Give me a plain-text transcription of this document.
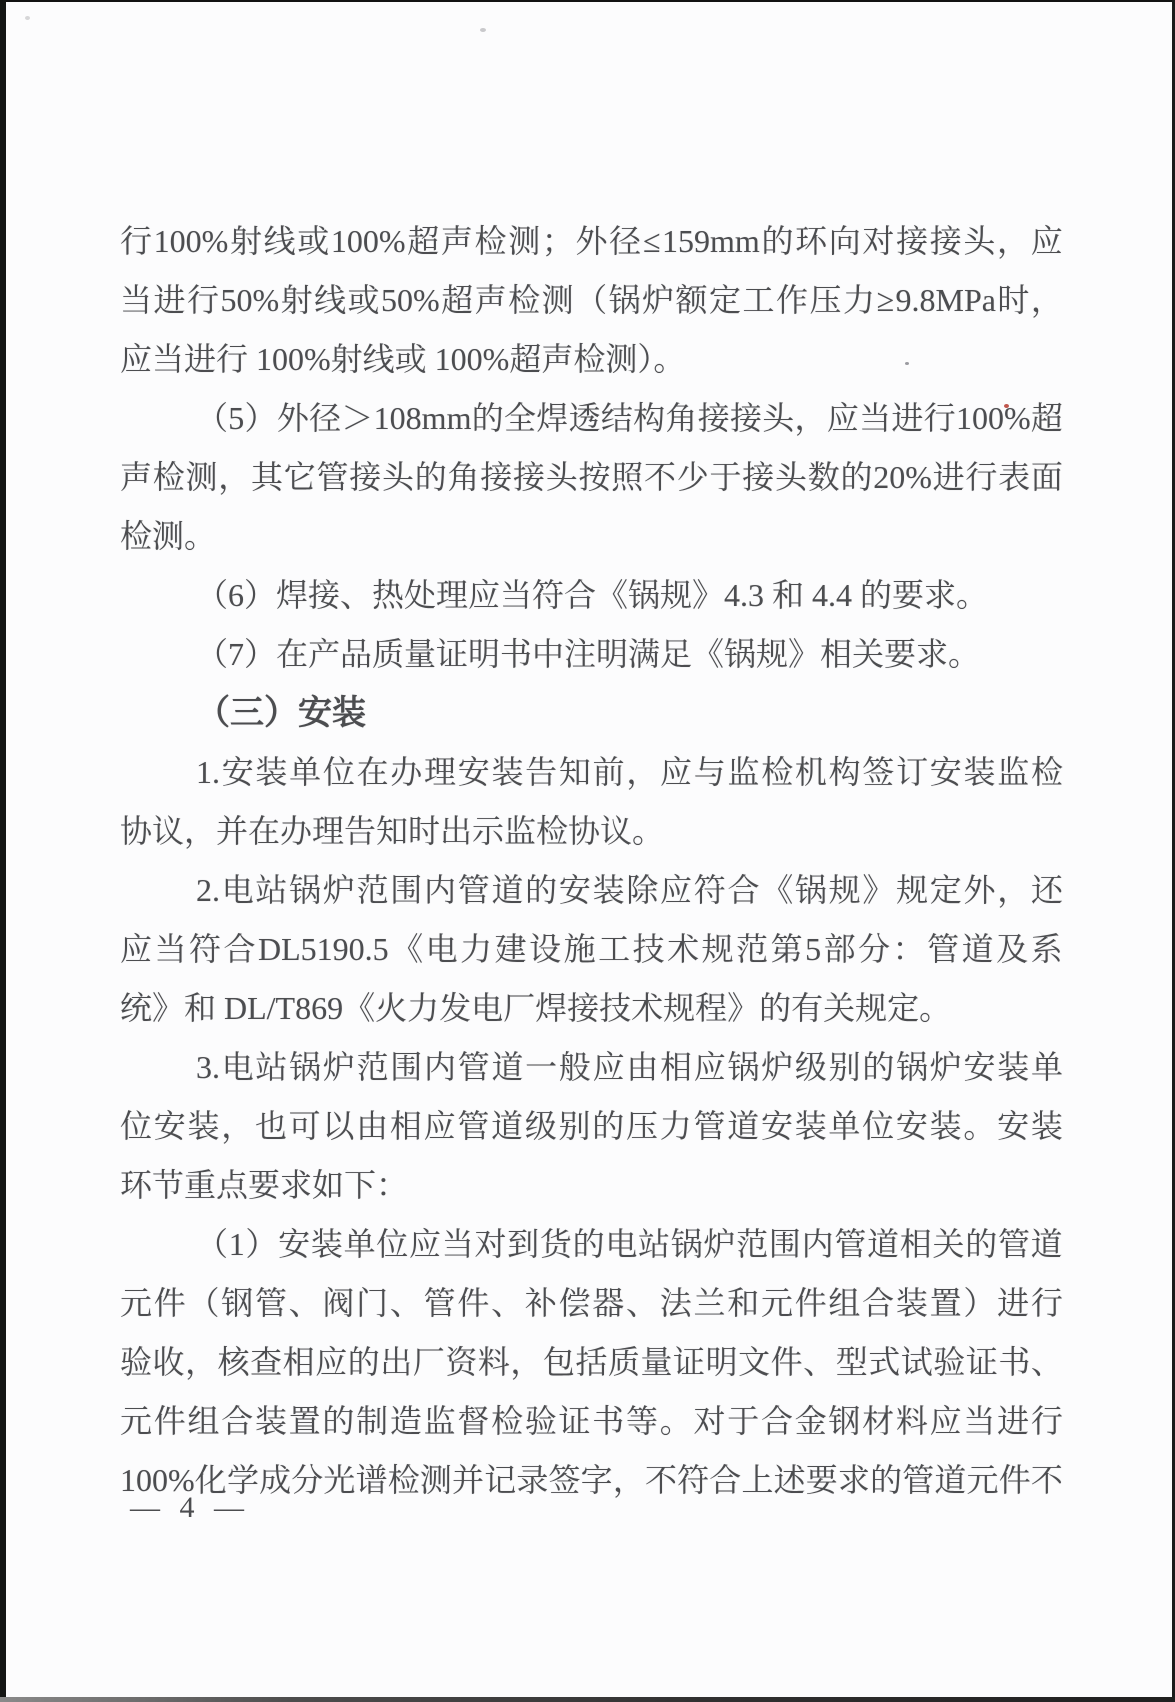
行 100% 射 线 或 100% 超 声 检 测 ； 外 径 ≤ 159mm 的 环 向 对 接 接 头 ， 应
当 进 行 50% 射 线 或 50% 超 声 检 测 （ 锅 炉 额 定 工 作 压 力 ≥ 9.8MPa 时 ，
应当进行 100%射线或 100%超声检测）。
（ 5 ） 外 径 ＞ 108mm 的 全 焊 透 结 构 角 接 接 头 ， 应 当 进 行 100% 超
声 检 测 ， 其 它 管 接 头 的 角 接 接 头 按 照 不 少 于 接 头 数 的 20% 进 行 表 面
检测。
（6）焊接、热处理应当符合《锅规》4.3 和 4.4 的要求。
（7）在产品质量证明书中注明满足《锅规》相关要求。
（三）安装
1. 安 装 单 位 在 办 理 安 装 告 知 前 ， 应 与 监 检 机 构 签 订 安 装 监 检
协议，并在办理告知时出示监检协议。
2. 电 站 锅 炉 范 围 内 管 道 的 安 装 除 应 符 合 《 锅 规 》 规 定 外 ， 还
应 当 符 合 DL5190.5 《 电 力 建 设 施 工 技 术 规 范 第 5 部 分 ： 管 道 及 系
统》和 DL/T869《火力发电厂焊接技术规程》的有关规定。
3. 电 站 锅 炉 范 围 内 管 道 一 般 应 由 相 应 锅 炉 级 别 的 锅 炉 安 装 单
位 安 装 ， 也 可 以 由 相 应 管 道 级 别 的 压 力 管 道 安 装 单 位 安 装 。 安 装
环节重点要求如下：
（ 1 ） 安 装 单 位 应 当 对 到 货 的 电 站 锅 炉 范 围 内 管 道 相 关 的 管 道
元 件 （ 钢 管 、 阀 门 、 管 件 、 补 偿 器 、 法 兰 和 元 件 组 合 装 置 ） 进 行
验 收 ， 核 查 相 应 的 出 厂 资 料 ， 包 括 质 量 证 明 文 件 、 型 式 试 验 证 书 、
元 件 组 合 装 置 的 制 造 监 督 检 验 证 书 等 。 对 于 合 金 钢 材 料 应 当 进 行
100% 化 学 成 分 光 谱 检 测 并 记 录 签 字 ， 不 符 合 上 述 要 求 的 管 道 元 件 不
— 4 —
